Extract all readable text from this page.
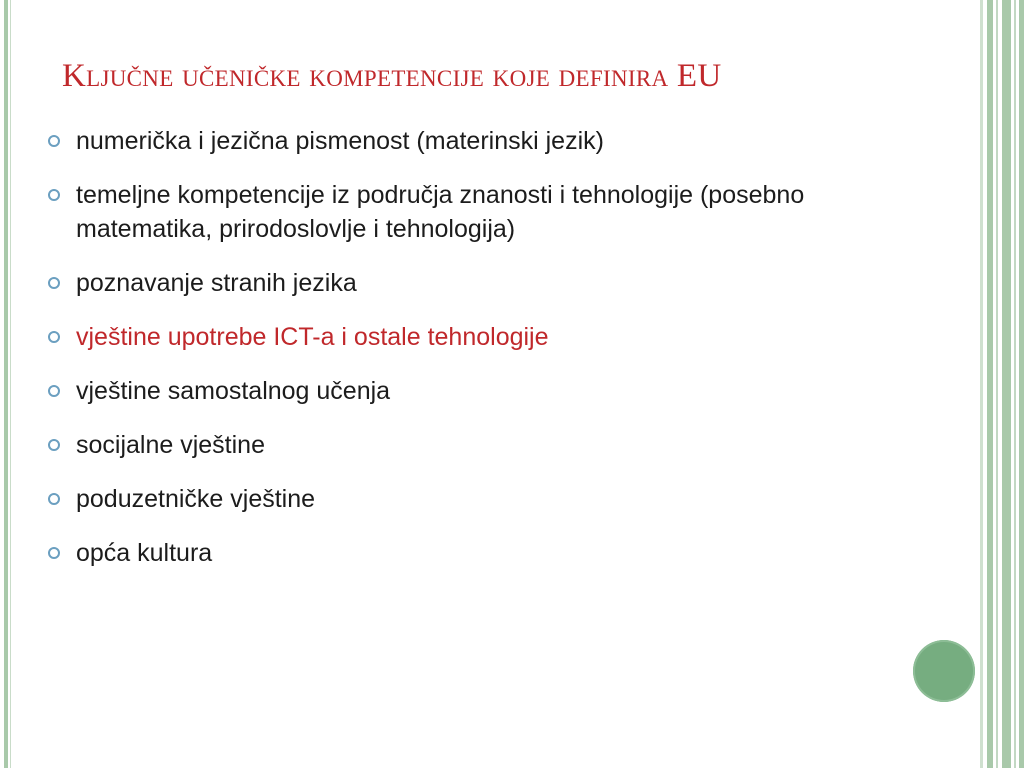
Ključne učeničke kompetencije koje definira EU
numerička i jezična pismenost (materinski jezik)
temeljne kompetencije iz područja znanosti i tehnologije (posebno matematika, prirodoslovlje i tehnologija)
poznavanje stranih jezika
vještine upotrebe ICT-a i ostale tehnologije
vještine samostalnog učenja
socijalne vještine
poduzetničke vještine
opća kultura
